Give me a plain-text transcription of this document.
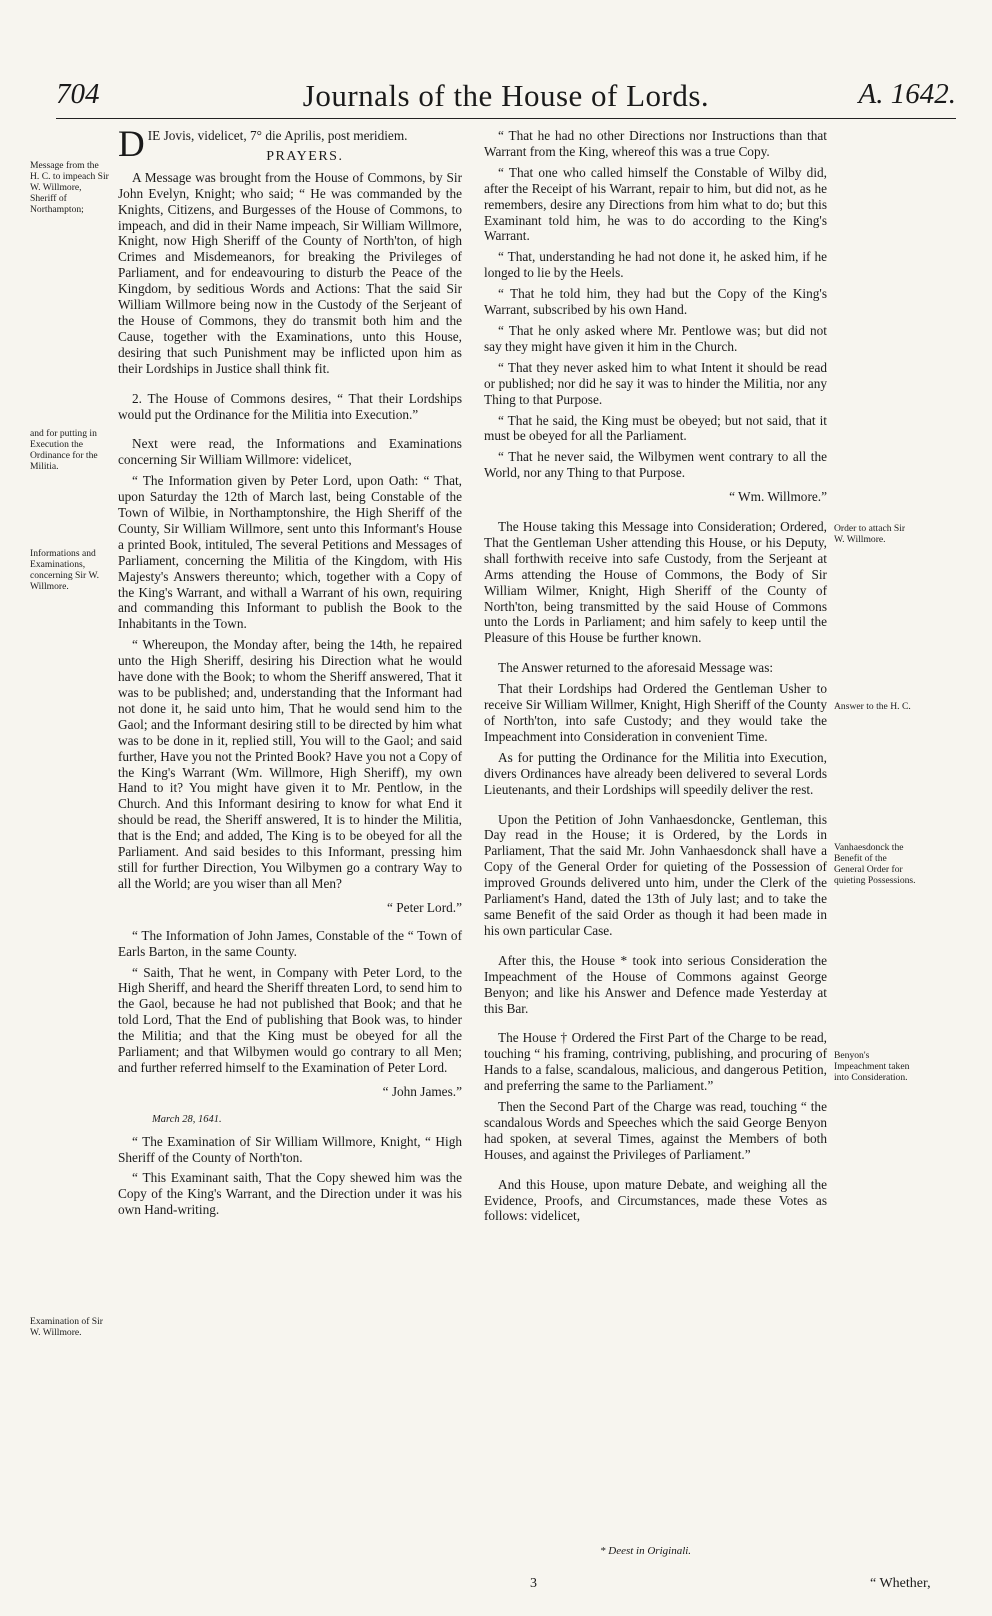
704	Journals of the House of Lords.	A. 1642.

DIE Jovis, videlicet, 7° die Aprilis, post meridiem.

PRAYERS.

A Message was brought from the House of Commons, by Sir John Evelyn, Knight; who said; “ He was commanded by the Knights, Citizens, and Burgesses of the House of Commons, to impeach, and did in their Name impeach, Sir William Willmore, Knight, now High Sheriff of the County of North'ton, of high Crimes and Misdemeanors, for breaking the Privileges of Parliament, and for endeavouring to disturb the Peace of the Kingdom, by seditious Words and Actions: That the said Sir William Willmore being now in the Custody of the Serjeant of the House of Commons, they do transmit both him and the Cause, together with the Examinations, unto this House, desiring that such Punishment may be inflicted upon him as their Lordships in Justice shall think fit.

2. The House of Commons desires, “ That their Lordships would put the Ordinance for the Militia into Execution.”

Next were read, the Informations and Examinations concerning Sir William Willmore: videlicet,

“ The Information given by Peter Lord, upon Oath: “ That, upon Saturday the 12th of March last, being Constable of the Town of Wilbie, in Northamptonshire, the High Sheriff of the County, Sir William Willmore, sent unto this Informant's House a printed Book, intituled, The several Petitions and Messages of Parliament, concerning the Militia of the Kingdom, with His Majesty's Answers thereunto; which, together with a Copy of the King's Warrant, and withall a Warrant of his own, requiring and commanding this Informant to publish the Book to the Inhabitants in the Town.

“ Whereupon, the Monday after, being the 14th, he repaired unto the High Sheriff, desiring his Direction what he would have done with the Book; to whom the Sheriff answered, That it was to be published; and, understanding that the Informant had not done it, he said unto him, That he would send him to the Gaol; and the Informant desiring still to be directed by him what was to be done in it, replied still, You will to the Gaol; and said further, Have you not the Printed Book? Have you not a Copy of the King's Warrant (Wm. Willmore, High Sheriff), my own Hand to it? You might have given it to Mr. Pentlow, in the Church. And this Informant desiring to know for what End it should be read, the Sheriff answered, It is to hinder the Militia, that is the End; and added, The King is to be obeyed for all the Parliament. And said besides to this Informant, pressing him still for further Direction, You Wilbymen go a contrary Way to all the World; are you wiser than all Men?

“ Peter Lord.”

“ The Information of John James, Constable of the “ Town of Earls Barton, in the same County.

“ Saith, That he went, in Company with Peter Lord, to the High Sheriff, and heard the Sheriff threaten Lord, to send him to the Gaol, because he had not published that Book; and that he told Lord, That the End of publishing that Book was, to hinder the Militia; and that the King must be obeyed for all the Parliament; and that Wilbymen would go contrary to all Men; and further referred himself to the Examination of Peter Lord.

“ John James.”

March 28, 1641.

“ The Examination of Sir William Willmore, Knight, “ High Sheriff of the County of North'ton.

“ This Examinant saith, That the Copy shewed him was the Copy of the King's Warrant, and the Direction under it was his own Hand-writing.

“ That he had no other Directions nor Instructions than that Warrant from the King, whereof this was a true Copy.

“ That one who called himself the Constable of Wilby did, after the Receipt of his Warrant, repair to him, but did not, as he remembers, desire any Directions from him what to do; but this Examinant told him, he was to do according to the King's Warrant.

“ That, understanding he had not done it, he asked him, if he longed to lie by the Heels.

“ That he told him, they had but the Copy of the King's Warrant, subscribed by his own Hand.

“ That he only asked where Mr. Pentlowe was; but did not say they might have given it him in the Church.

“ That they never asked him to what Intent it should be read or published; nor did he say it was to hinder the Militia, nor any Thing to that Purpose.

“ That he said, the King must be obeyed; but not said, that it must be obeyed for all the Parliament.

“ That he never said, the Wilbymen went contrary to all the World, nor any Thing to that Purpose.

“ Wm. Willmore.”

The House taking this Message into Consideration; Ordered, That the Gentleman Usher attending this House, or his Deputy, shall forthwith receive into safe Custody, from the Serjeant at Arms attending the House of Commons, the Body of Sir William Wilmer, Knight, High Sheriff of the County of North'ton, being transmitted by the said House of Commons unto the Lords in Parliament; and him safely to keep until the Pleasure of this House be further known.

The Answer returned to the aforesaid Message was:

That their Lordships had Ordered the Gentleman Usher to receive Sir William Willmer, Knight, High Sheriff of the County of North'ton, into safe Custody; and they would take the Impeachment into Consideration in convenient Time.

As for putting the Ordinance for the Militia into Execution, divers Ordinances have already been delivered to several Lords Lieutenants, and their Lordships will speedily deliver the rest.

Upon the Petition of John Vanhaesdoncke, Gentleman, this Day read in the House; it is Ordered, by the Lords in Parliament, That the said Mr. John Vanhaesdonck shall have a Copy of the General Order for quieting of the Possession of improved Grounds delivered unto him, under the Clerk of the Parliament's Hand, dated the 13th of July last; and to take the same Benefit of the said Order as though it had been made in his own particular Case.

After this, the House * took into serious Consideration the Impeachment of the House of Commons against George Benyon; and like his Answer and Defence made Yesterday at this Bar.

The House † Ordered the First Part of the Charge to be read, touching “ his framing, contriving, publishing, and procuring of Hands to a false, scandalous, malicious, and dangerous Petition, and preferring the same to the Parliament.”

Then the Second Part of the Charge was read, touching “ the scandalous Words and Speeches which the said George Benyon had spoken, at several Times, against the Members of both Houses, and against the Privileges of Parliament.”

And this House, upon mature Debate, and weighing all the Evidence, Proofs, and Circumstances, made these Votes as follows: videlicet,

Message from the H. C. to impeach Sir W. Willmore, Sheriff of Northampton;
and for putting in Execution the Ordinance for the Militia.
Informations and Examinations, concerning Sir W. Willmore.
Examination of Sir W. Willmore.
Order to attach Sir W. Willmore.
Answer to the H. C.
Vanhaesdonck the Benefit of the General Order for quieting Possessions.
Benyon's Impeachment taken into Consideration.
* Deest in Originali.
3	“ Whether,
